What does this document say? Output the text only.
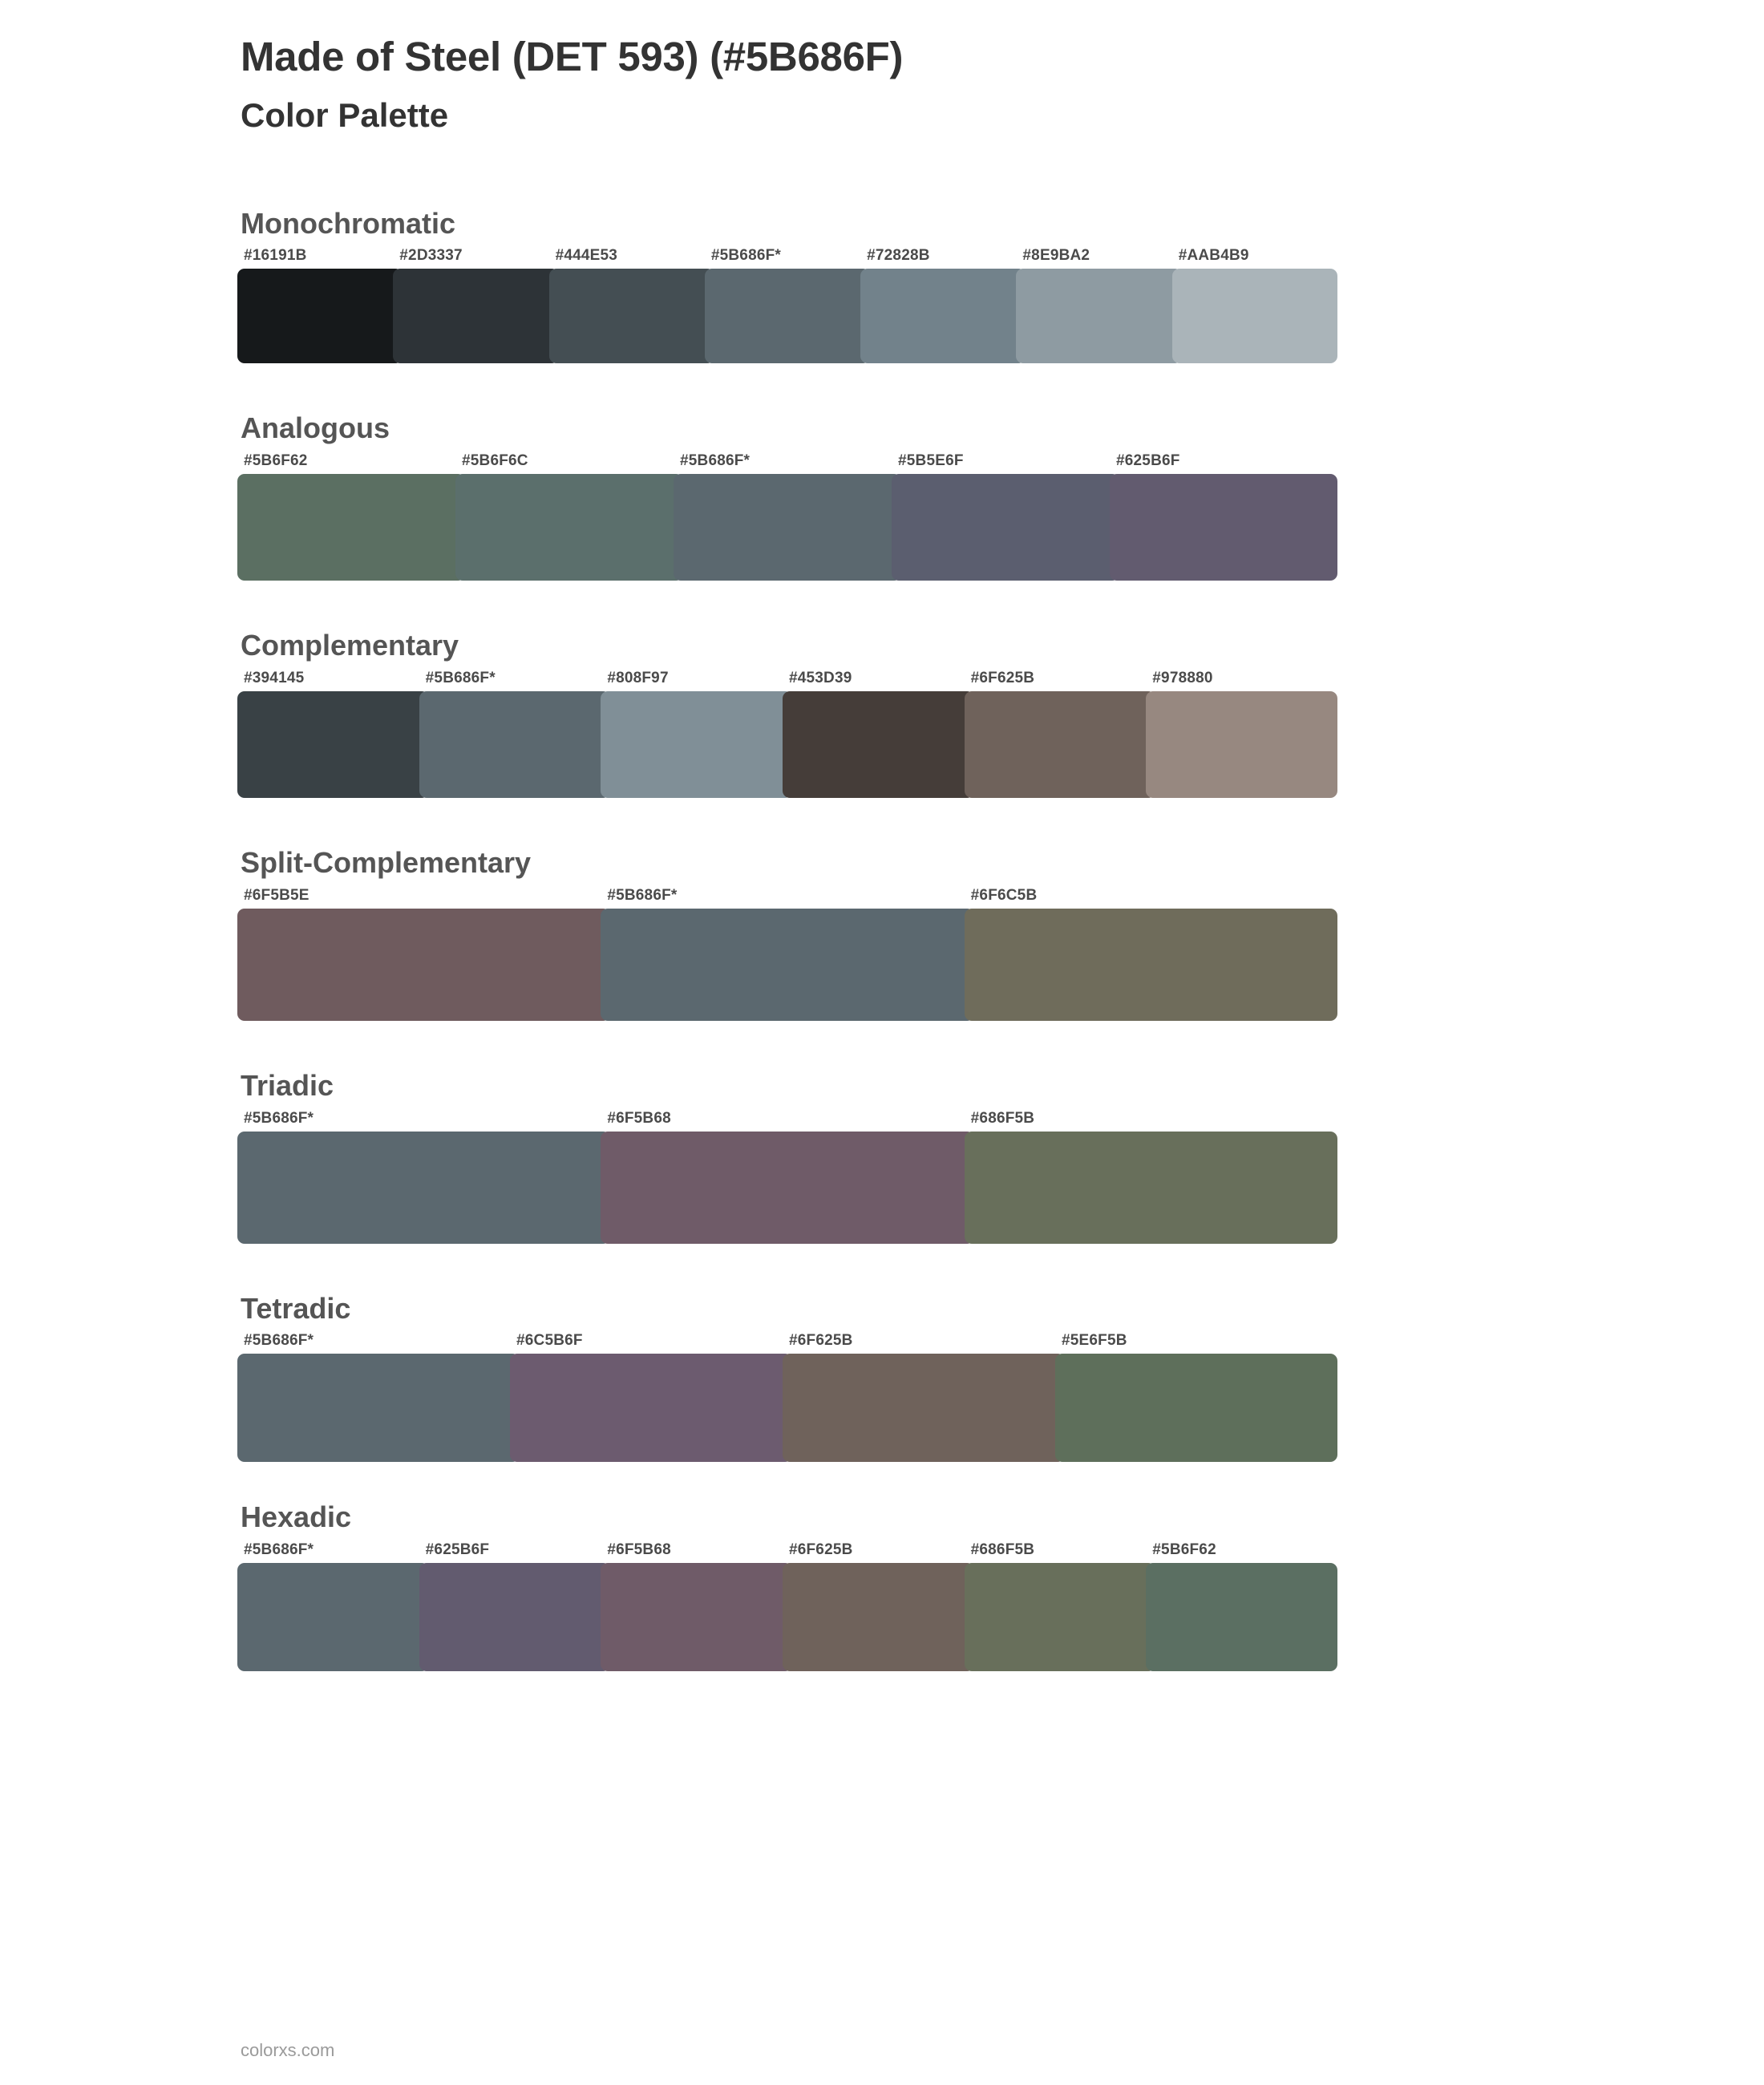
Made of Steel (DET 593) (#5B686F)
Color Palette
Monochromatic
#16191B	#2D3337	#444E53	#5B686F*	#72828B	#8E9BA2	#AAB4B9
Analogous
#5B6F62	#5B6F6C	#5B686F*	#5B5E6F	#625B6F
Complementary
#394145	#5B686F*	#808F97	#453D39	#6F625B	#978880
Split-Complementary
#6F5B5E	#5B686F*	#6F6C5B
Triadic
#5B686F*	#6F5B68	#686F5B
Tetradic
#5B686F*	#6C5B6F	#6F625B	#5E6F5B
Hexadic
#5B686F*	#625B6F	#6F5B68	#6F625B	#686F5B	#5B6F62
colorxs.com
